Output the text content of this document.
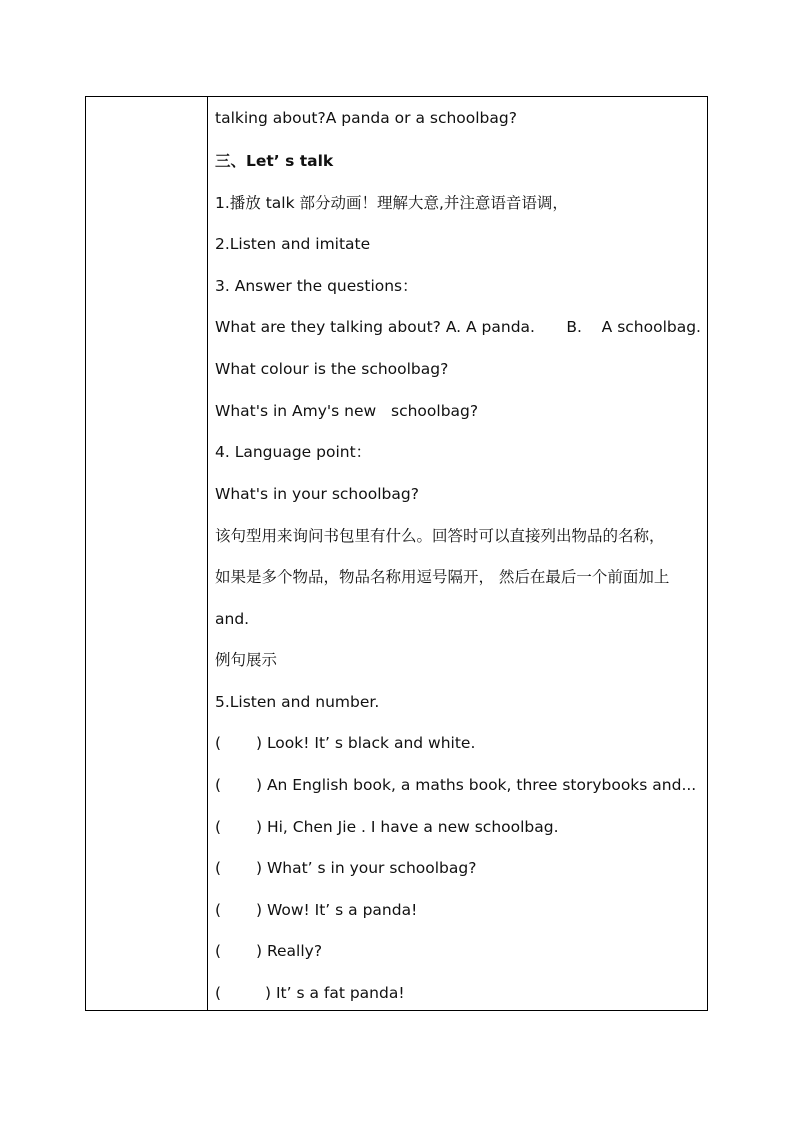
talking about?A panda or a schoolbag?
三、Let’ s talk
1.播放 talk 部分动画！理解大意,并注意语音语调，
2.Listen and imitate
3. Answer the questions：
What are they talking about? A. A panda. B.    A schoolbag.
What colour is the schoolbag?
What's in Amy's new   schoolbag?
4. Language point：
What's in your schoolbag?
该句型用来询问书包里有什么。回答时可以直接列出物品的名称，
如果是多个物品，物品名称用逗号隔开， 然后在最后一个前面加上
and.
例句展示
5.Listen and number.
( ) Look! It’ s black and white.
( ) An English book, a maths book, three storybooks and...
( ) Hi, Chen Jie . I have a new schoolbag.
( ) What’ s in your schoolbag?
( ) Wow! It’ s a panda!
( ) Really?
(	) It’ s a fat panda!
